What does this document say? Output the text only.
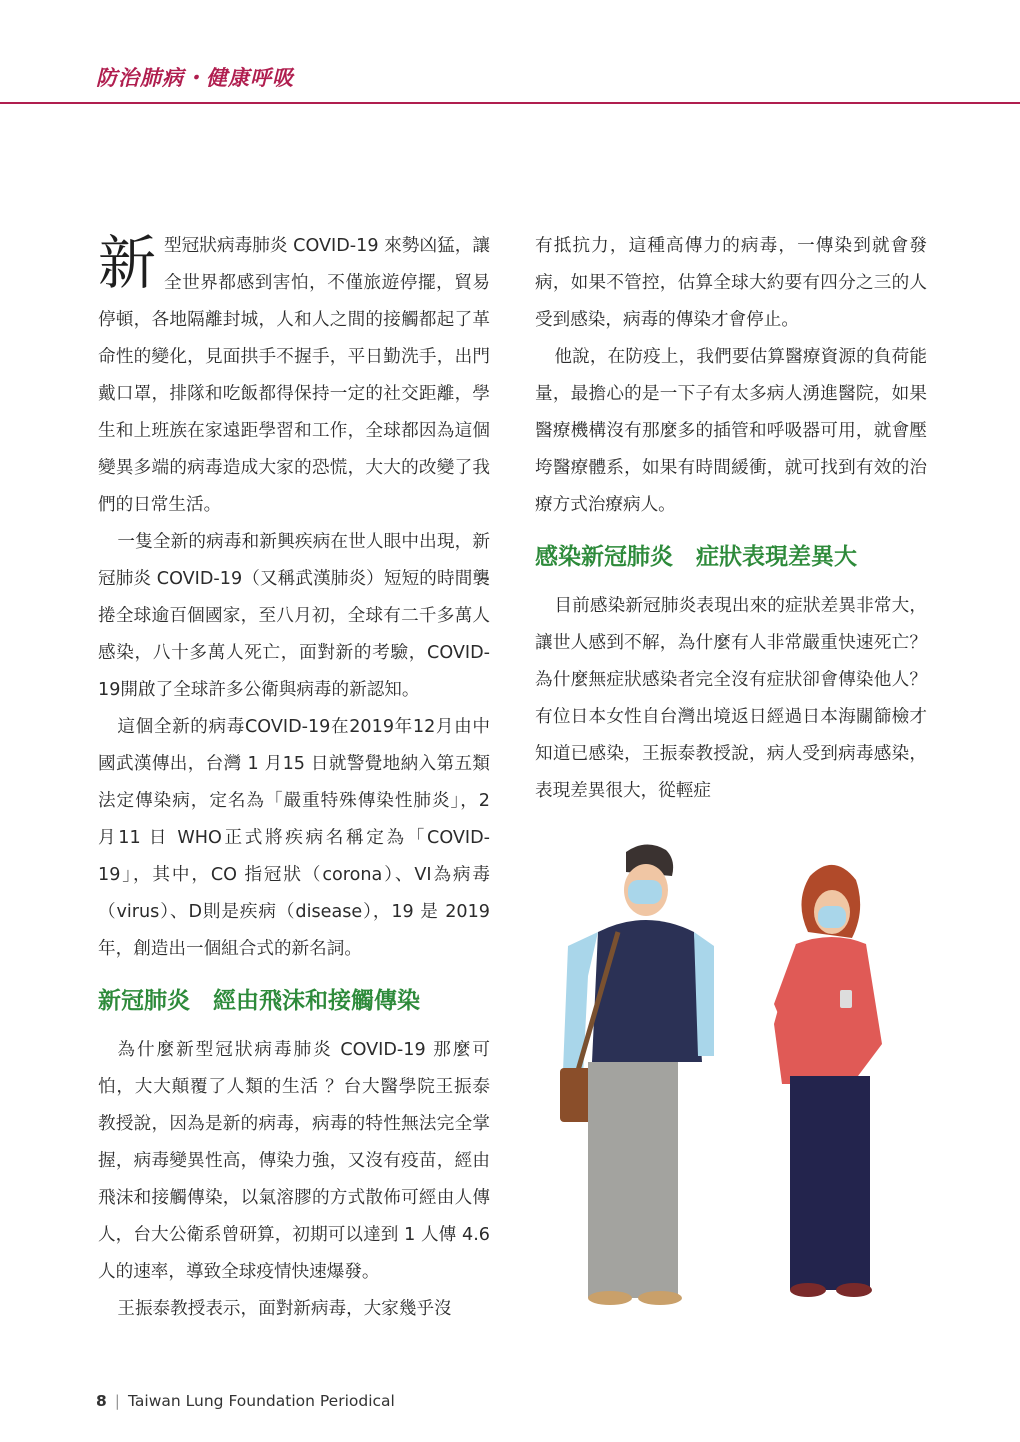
防治肺病・健康呼吸

新型冠狀病毒肺炎 COVID-19 來勢凶猛，讓全世界都感到害怕，不僅旅遊停擺，貿易停頓，各地隔離封城，人和人之間的接觸都起了革命性的變化，見面拱手不握手，平日勤洗手，出門戴口罩，排隊和吃飯都得保持一定的社交距離，學生和上班族在家遠距學習和工作，全球都因為這個變異多端的病毒造成大家的恐慌，大大的改變了我們的日常生活。

一隻全新的病毒和新興疾病在世人眼中出現，新冠肺炎 COVID-19（又稱武漢肺炎）短短的時間襲捲全球逾百個國家，至八月初，全球有二千多萬人感染，八十多萬人死亡，面對新的考驗，COVID-19開啟了全球許多公衛與病毒的新認知。

這個全新的病毒COVID-19在2019年12月由中國武漢傳出，台灣 1 月15 日就警覺地納入第五類法定傳染病，定名為「嚴重特殊傳染性肺炎」，2 月11 日 WHO正式將疾病名稱定為「COVID-19」，其中，CO 指冠狀（corona）、VI為病毒（virus）、D則是疾病（disease），19 是 2019年，創造出一個組合式的新名詞。

新冠肺炎　經由飛沫和接觸傳染

為什麼新型冠狀病毒肺炎 COVID-19 那麼可怕，大大顛覆了人類的生活 ？台大醫學院王振泰教授說，因為是新的病毒，病毒的特性無法完全掌握，病毒變異性高，傳染力強，又沒有疫苗，經由飛沫和接觸傳染，以氣溶膠的方式散佈可經由人傳人，台大公衛系曾研算，初期可以達到 1 人傳 4.6 人的速率，導致全球疫情快速爆發。

王振泰教授表示，面對新病毒，大家幾乎沒

有抵抗力，這種高傳力的病毒，一傳染到就會發病，如果不管控，估算全球大約要有四分之三的人受到感染，病毒的傳染才會停止。

他說，在防疫上，我們要估算醫療資源的負荷能量，最擔心的是一下子有太多病人湧進醫院，如果醫療機構沒有那麼多的插管和呼吸器可用，就會壓垮醫療體系，如果有時間緩衝，就可找到有效的治療方式治療病人。

感染新冠肺炎　症狀表現差異大

目前感染新冠肺炎表現出來的症狀差異非常大，讓世人感到不解，為什麼有人非常嚴重快速死亡？為什麼無症狀感染者完全沒有症狀卻會傳染他人？有位日本女性自台灣出境返日經過日本海關篩檢才知道已感染，王振泰教授說，病人受到病毒感染，表現差異很大，從輕症

8 | Taiwan Lung Foundation Periodical
